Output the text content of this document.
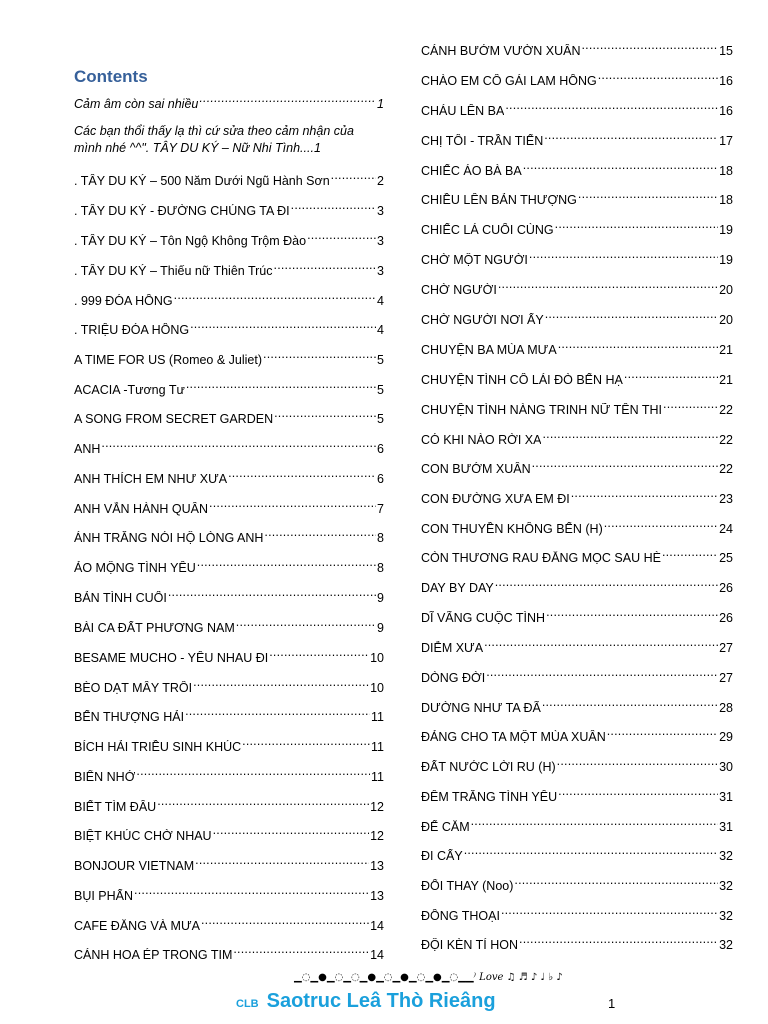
Contents
Cảm âm còn sai nhiều .....	1
Các bạn thổi thấy lạ thì cứ sửa theo cảm nhận của mình nhé ^^". TÂY DU KÝ – Nữ Nhi Tình....1
. TÂY DU KÝ – 500 Năm Dưới Ngũ Hành Sơn .....	2
. TÂY DU KÝ - ĐƯỜNG CHÚNG TA ĐI .....	3
. TÂY DU KÝ – Tôn Ngộ Không Trộm Đào .....	3
. TÂY DU KÝ – Thiếu nữ Thiên Trúc .....	3
. 999 ĐÓA HỒNG .....	4
. TRIỆU ĐÓA HỒNG .....	4
A TIME FOR US (Romeo & Juliet) .....	5
ACACIA -Tương Tư .....	5
A SONG FROM SECRET GARDEN .....	5
ANH .....	6
ANH THÍCH EM NHƯ XƯA .....	6
ANH VẪN HÀNH QUÂN .....	7
ÁNH TRĂNG NÓI HỘ LÒNG ANH .....	8
ẢO MỘNG TÌNH YÊU .....	8
BẢN TÌNH CUỐI .....	9
BÀI CA ĐẤT PHƯƠNG NAM .....	9
BESAME MUCHO - YÊU NHAU ĐI .....	10
BÈO DẠT MÂY TRÔI .....	10
BẾN THƯỢNG HẢI .....	11
BÍCH HẢI TRIỀU SINH KHÚC .....	11
BIỂN NHỚ .....	11
BIẾT TÌM ĐÂU .....	12
BIỆT KHÚC CHỜ NHAU .....	12
BONJOUR VIETNAM .....	13
BỤI PHẤN .....	13
CAFE ĐẮNG VÀ MƯA .....	14
CÁNH HOA ÉP TRONG TIM .....	14
CÁNH BƯỚM VƯỜN XUÂN .....	15
CHÀO EM CÔ GÁI LAM HỒNG .....	16
CHÁU LÊN BA .....	16
CHỊ TÔI - TRẦN TIẾN .....	17
CHIẾC ÁO BÀ BA .....	18
CHIỀU LÊN BẢN THƯỢNG .....	18
CHIẾC LÁ CUỐI CÙNG .....	19
CHỜ MỘT NGƯỜI .....	19
CHỜ NGƯỜI .....	20
CHỜ NGƯỜI NƠI ẤY .....	20
CHUYỆN BA MÙA MƯA .....	21
CHUYỆN TÌNH CÔ LÁI ĐÒ BẾN HẠ .....	21
CHUYỆN TÌNH NÀNG TRINH NỮ TÊN THI .....	22
CÓ KHI NÀO RỜI XA .....	22
CON BƯỚM XUÂN .....	22
CON ĐƯỜNG XƯA EM ĐI .....	23
CON THUYỀN KHÔNG BẾN (H) .....	24
CÒN THƯƠNG RAU ĐẮNG MỌC SAU HÈ .....	25
DAY BY DAY .....	26
DĨ VÃNG CUỘC TÌNH .....	26
DIỄM XƯA .....	27
DÒNG ĐỜI .....	27
DƯỜNG NHƯ TA ĐÃ .....	28
ĐẢNG CHO TA MỘT MÙA XUÂN .....	29
ĐẤT NƯỚC LỜI RU (H) .....	30
ĐÊM TRĂNG TÌNH YÊU .....	31
ĐẾ CẮM .....	31
ĐI CẤY .....	32
ĐỔI THAY (Noo) .....	32
ĐỒNG THOẠI .....	32
ĐỘI KÈN TÍ HON .....	32
▁◌▁●▁◌▁◌▁●▁◌▁●▁◌▁●▁◌▁▁⁾ Love ♫ ♬ ♪ ♩ ♭ ♪
CLB Saotruc Leâ Thò Rieâng	1
